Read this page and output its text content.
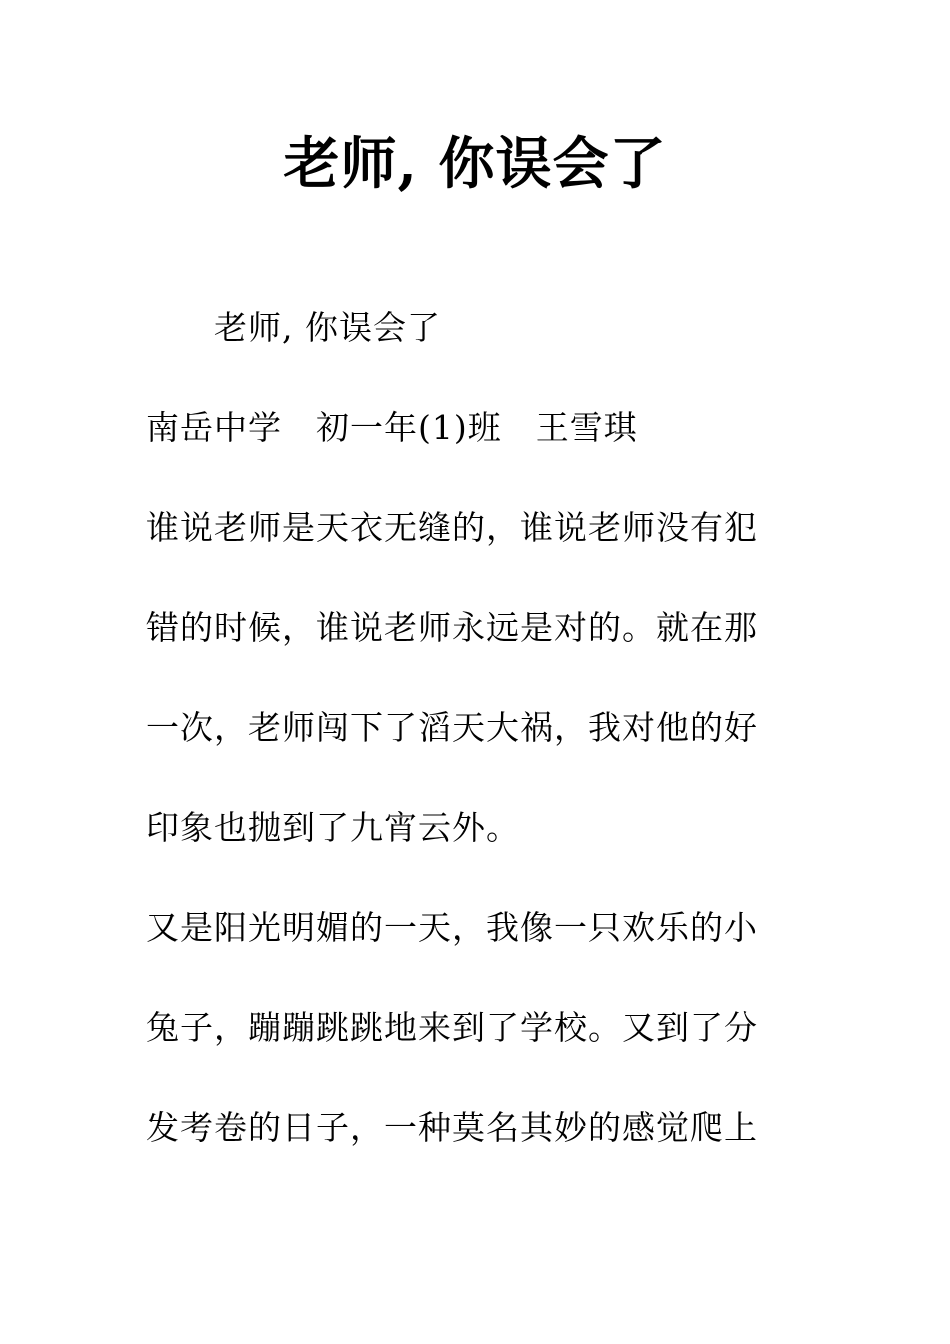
老师, 你误会了

老师, 你误会了

南岳中学　初一年(1)班　王雪琪

谁说老师是天衣无缝的，谁说老师没有犯

错的时候，谁说老师永远是对的。就在那

一次，老师闯下了滔天大祸，我对他的好

印象也抛到了九宵云外。

又是阳光明媚的一天，我像一只欢乐的小

兔子，蹦蹦跳跳地来到了学校。又到了分

发考卷的日子，一种莫名其妙的感觉爬上
